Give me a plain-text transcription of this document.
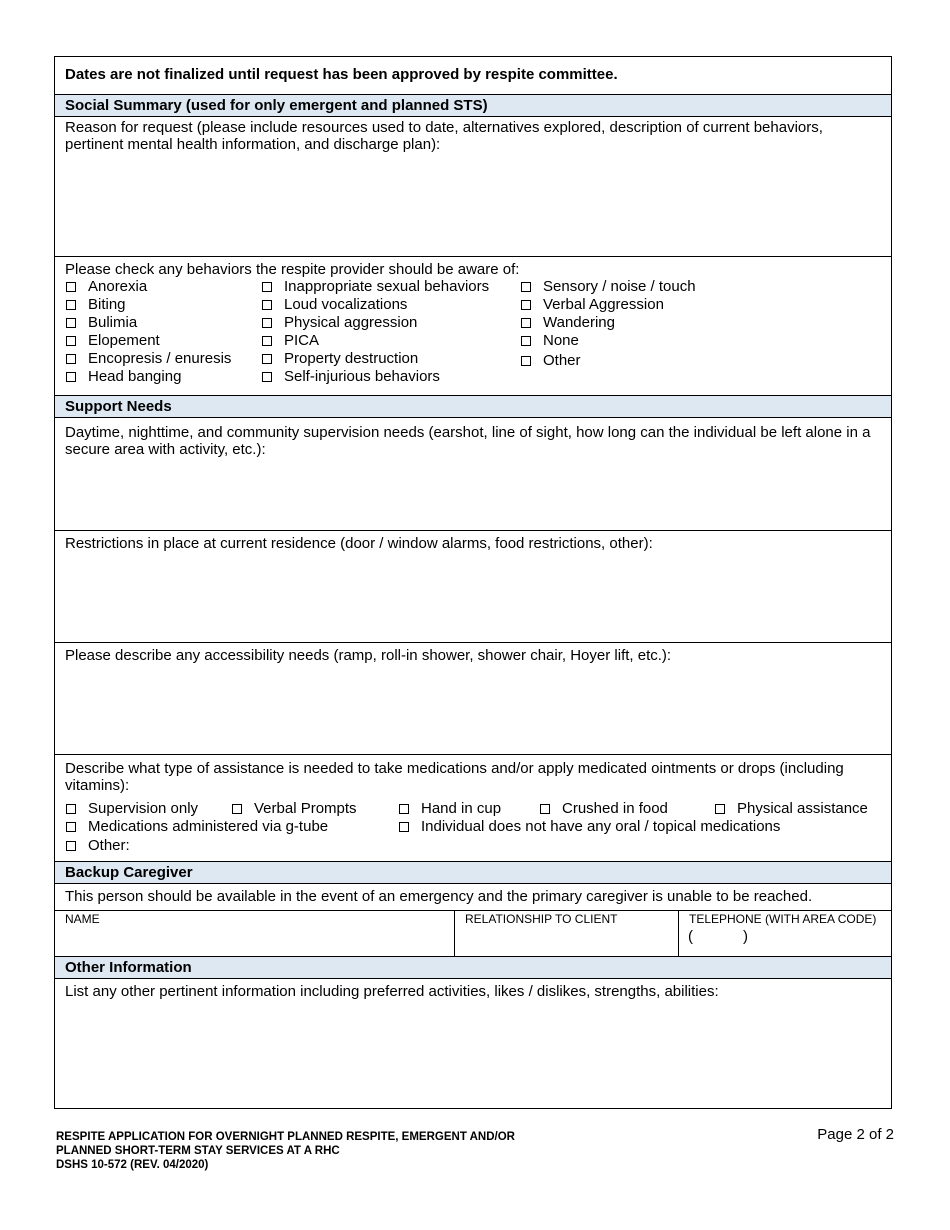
Dates are not finalized until request has been approved by respite committee.
Social Summary (used for only emergent and planned STS)
Reason for request (please include resources used to date, alternatives explored, description of current behaviors, pertinent mental health information, and discharge plan):
Please check any behaviors the respite provider should be aware of:
Anorexia
Biting
Bulimia
Elopement
Encopresis / enuresis
Head banging
Inappropriate sexual behaviors
Loud vocalizations
Physical aggression
PICA
Property destruction
Self-injurious behaviors
Sensory / noise / touch
Verbal Aggression
Wandering
None
Other
Support Needs
Daytime, nighttime, and community supervision needs (earshot, line of sight, how long can the individual be left alone in a secure area with activity, etc.):
Restrictions in place at current residence (door / window alarms, food restrictions, other):
Please describe any accessibility needs (ramp, roll-in shower, shower chair, Hoyer lift, etc.):
Describe what type of assistance is needed to take medications and/or apply medicated ointments or drops (including vitamins):
Supervision only	Verbal Prompts	Hand in cup	Crushed in food	Physical assistance
Medications administered via g-tube	Individual does not have any oral / topical medications
Other:
Backup Caregiver
This person should be available in the event of an emergency and the primary caregiver is unable to be reached.
NAME	RELATIONSHIP TO CLIENT	TELEPHONE (WITH AREA CODE)
(	)
Other Information
List any other pertinent information including preferred activities, likes / dislikes, strengths, abilities:
RESPITE APPLICATION FOR OVERNIGHT PLANNED RESPITE, EMERGENT AND/OR
PLANNED SHORT-TERM STAY SERVICES AT A RHC
DSHS 10-572 (REV. 04/2020)
Page 2 of 2
